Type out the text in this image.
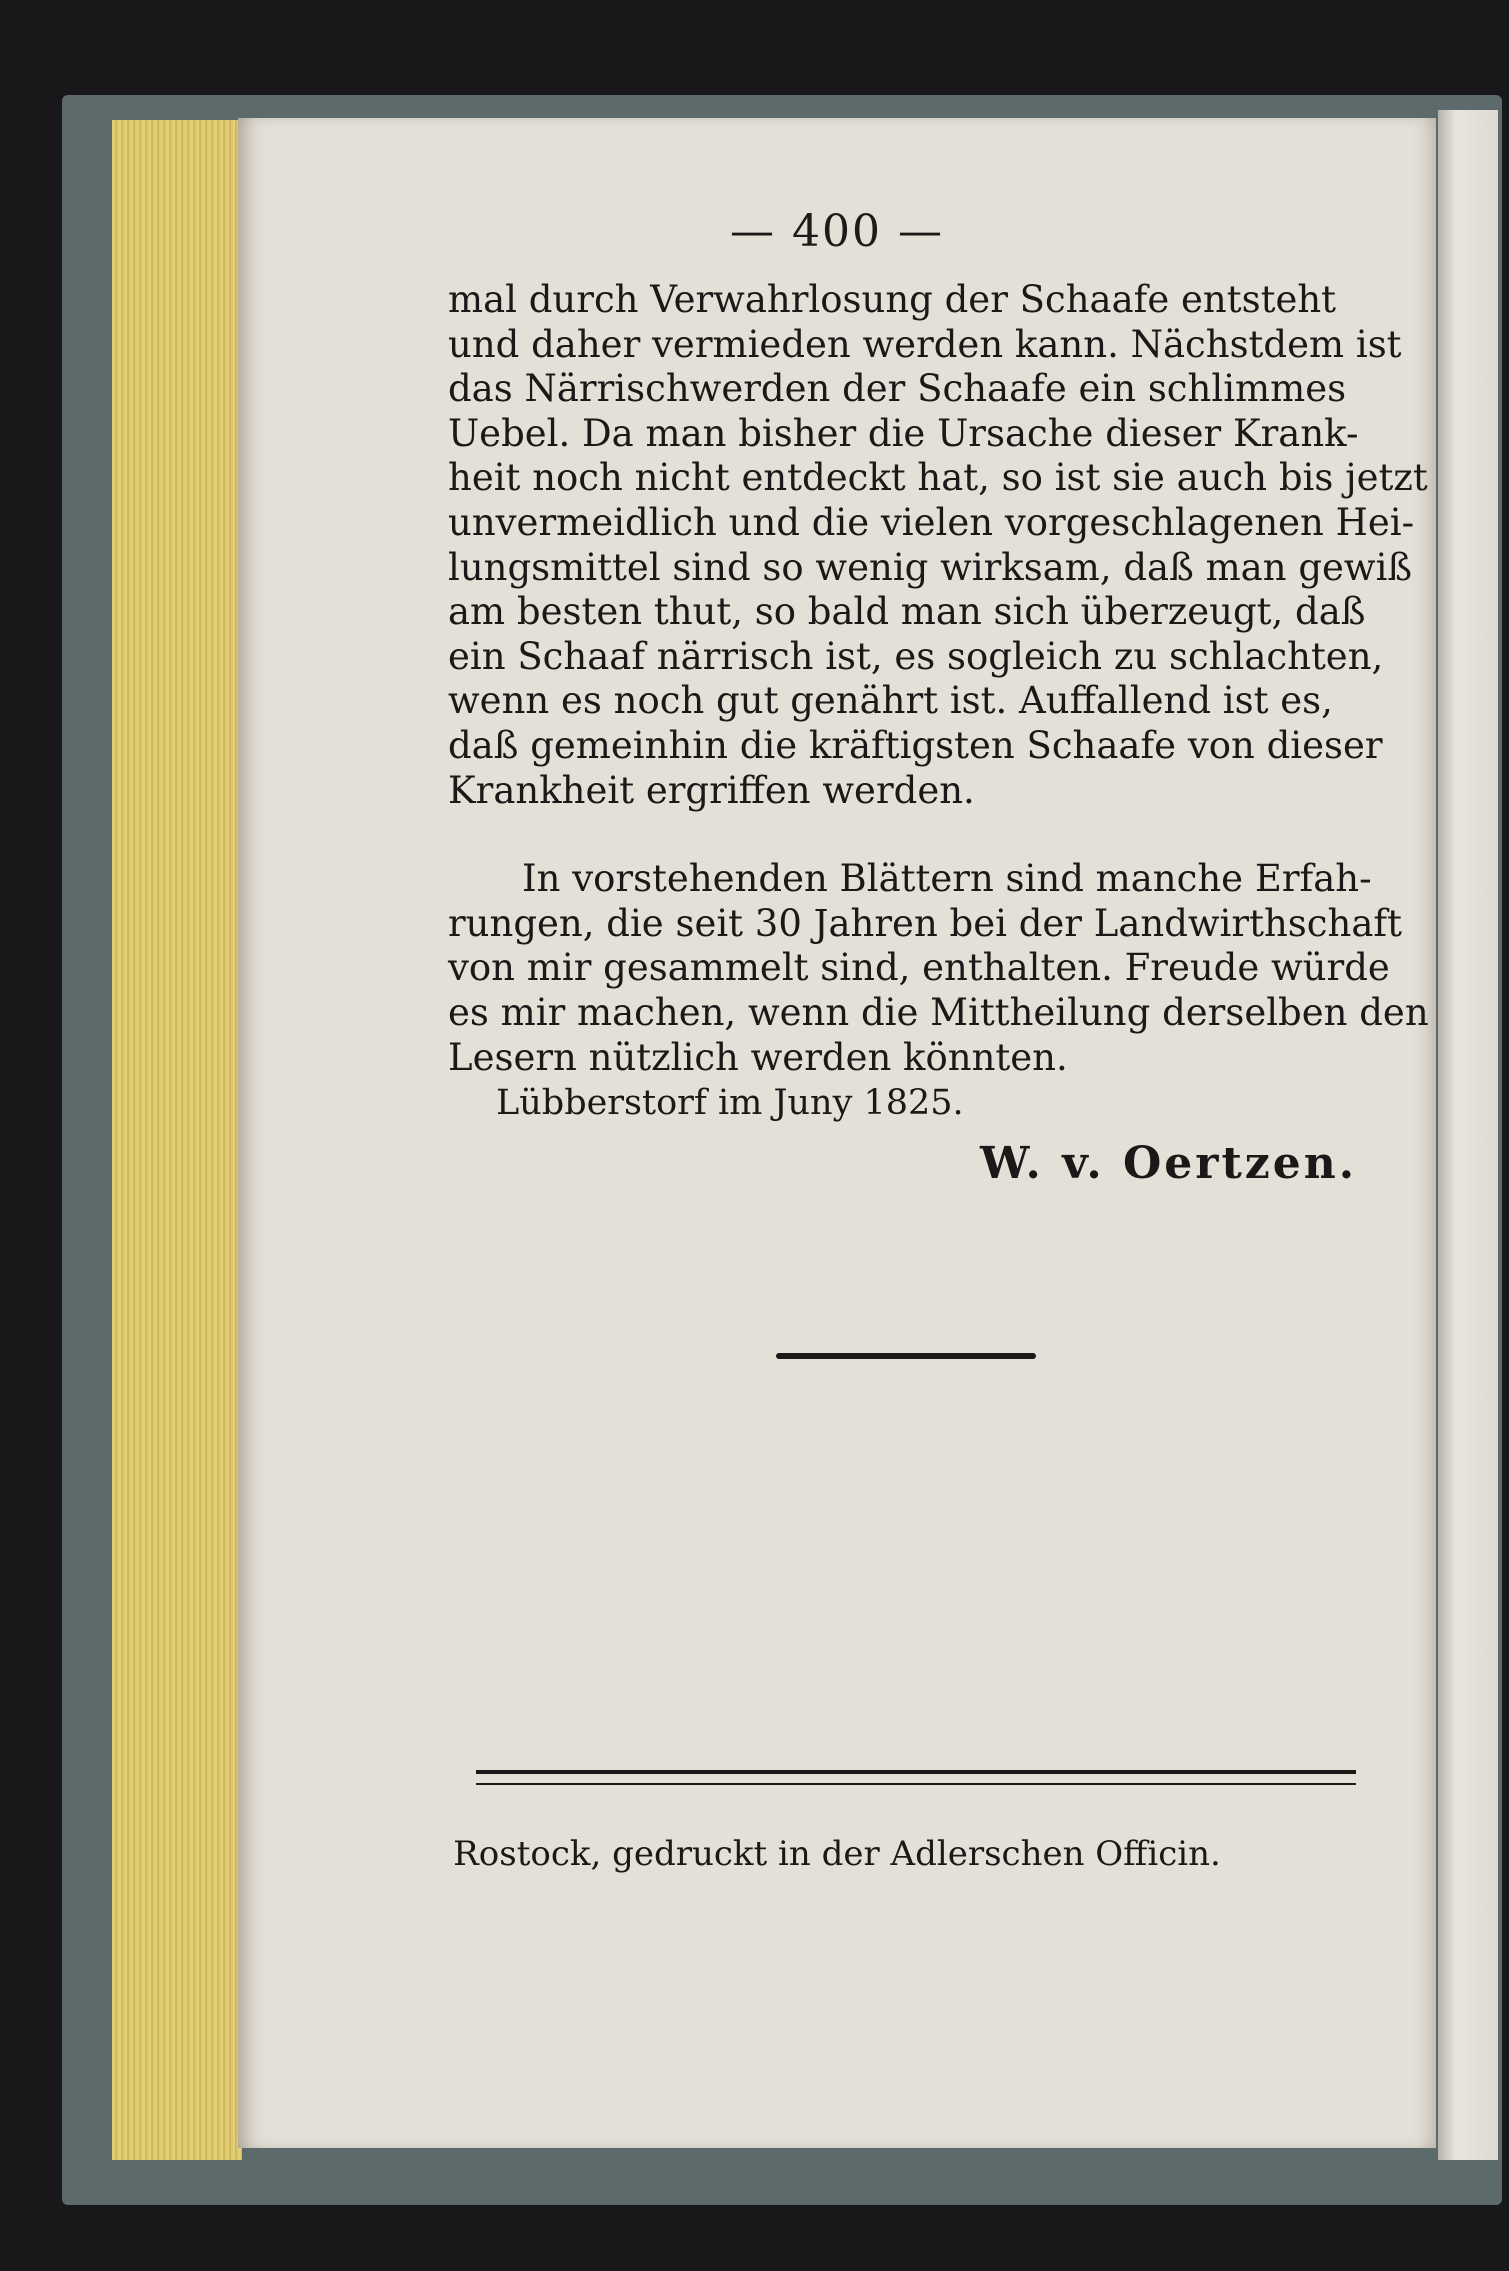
— 400 —
mal durch Verwahrlosung der Schaafe entsteht
und daher vermieden werden kann. Nächstdem ist
das Närrischwerden der Schaafe ein schlimmes
Uebel. Da man bisher die Ursache dieser Krank-
heit noch nicht entdeckt hat, so ist sie auch bis jetzt
unvermeidlich und die vielen vorgeschlagenen Hei-
lungsmittel sind so wenig wirksam, daß man gewiß
am besten thut, so bald man sich überzeugt, daß
ein Schaaf närrisch ist, es sogleich zu schlachten,
wenn es noch gut genährt ist. Auffallend ist es,
daß gemeinhin die kräftigsten Schaafe von dieser
Krankheit ergriffen werden.
In vorstehenden Blättern sind manche Erfah-
rungen, die seit 30 Jahren bei der Landwirthschaft
von mir gesammelt sind, enthalten. Freude würde
es mir machen, wenn die Mittheilung derselben den
Lesern nützlich werden könnten.
Lübberstorf im Juny 1825.
W. v. Oertzen.
Rostock, gedruckt in der Adlerschen Officin.
